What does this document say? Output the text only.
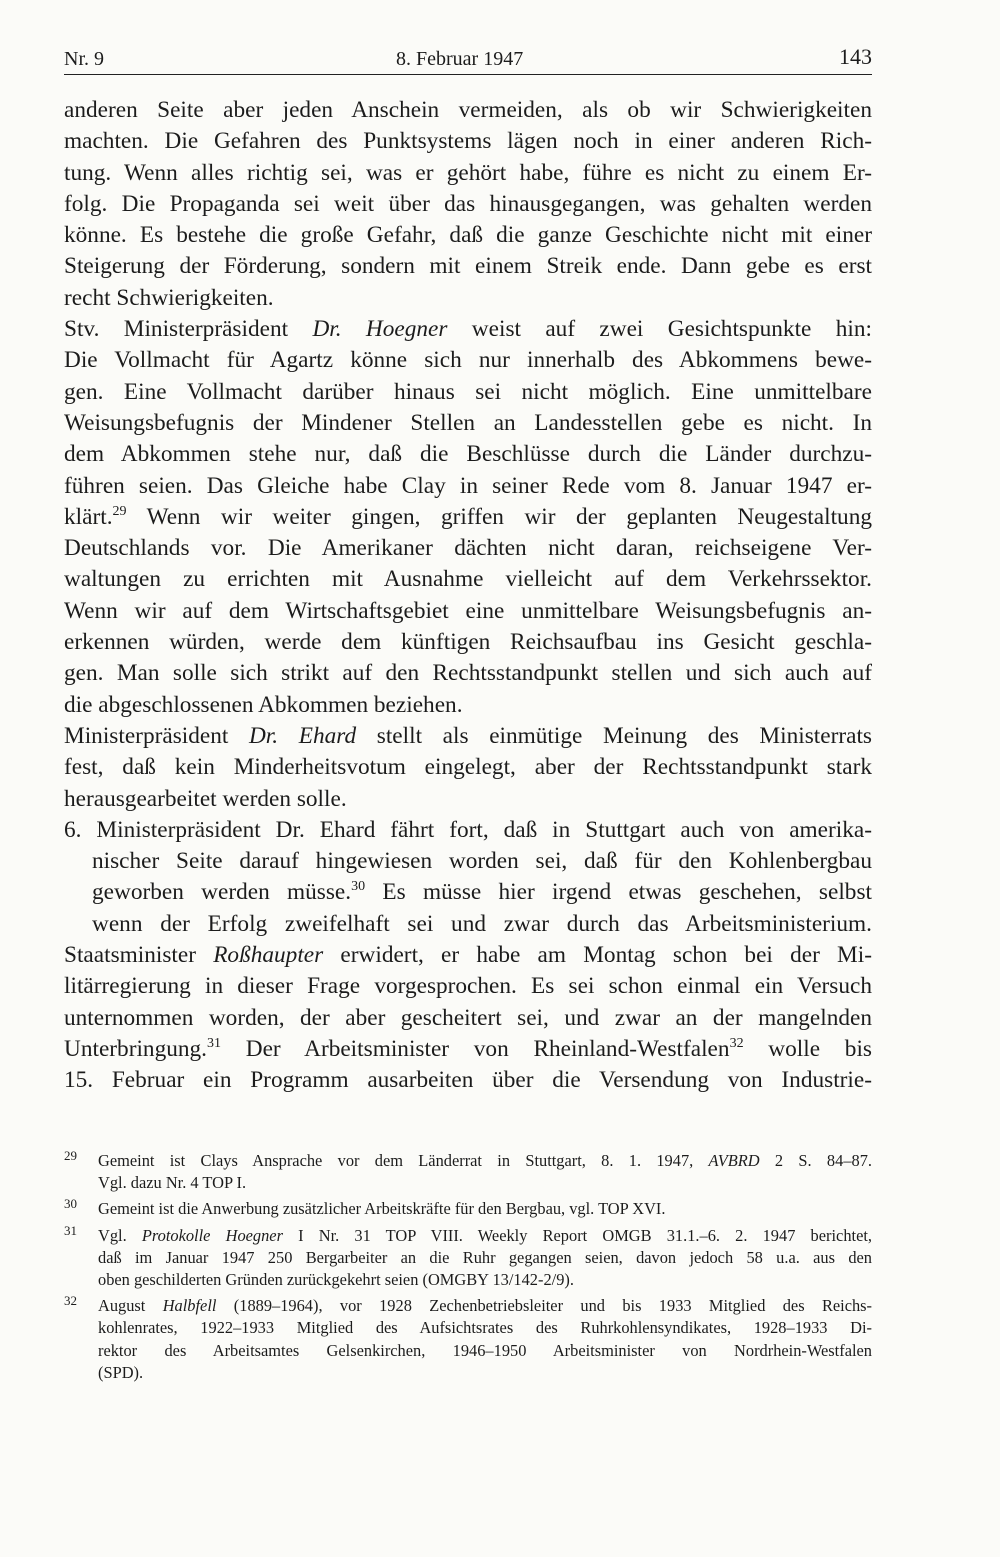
Nr. 9	8. Februar 1947	143
anderen Seite aber jeden Anschein vermeiden, als ob wir Schwierigkeiten
machten. Die Gefahren des Punktsystems lägen noch in einer anderen Rich-
tung. Wenn alles richtig sei, was er gehört habe, führe es nicht zu einem Er-
folg. Die Propaganda sei weit über das hinausgegangen, was gehalten werden
könne. Es bestehe die große Gefahr, daß die ganze Geschichte nicht mit einer
Steigerung der Förderung, sondern mit einem Streik ende. Dann gebe es erst
recht Schwierigkeiten.
Stv. Ministerpräsident Dr. Hoegner weist auf zwei Gesichtspunkte hin:
Die Vollmacht für Agartz könne sich nur innerhalb des Abkommens bewe-
gen. Eine Vollmacht darüber hinaus sei nicht möglich. Eine unmittelbare
Weisungsbefugnis der Mindener Stellen an Landesstellen gebe es nicht. In
dem Abkommen stehe nur, daß die Beschlüsse durch die Länder durchzu-
führen seien. Das Gleiche habe Clay in seiner Rede vom 8. Januar 1947 er-
klärt.$^{29}$ Wenn wir weiter gingen, griffen wir der geplanten Neugestaltung
Deutschlands vor. Die Amerikaner dächten nicht daran, reichseigene Ver-
waltungen zu errichten mit Ausnahme vielleicht auf dem Verkehrssektor.
Wenn wir auf dem Wirtschaftsgebiet eine unmittelbare Weisungsbefugnis an-
erkennen würden, werde dem künftigen Reichsaufbau ins Gesicht geschla-
gen. Man solle sich strikt auf den Rechtsstandpunkt stellen und sich auch auf
die abgeschlossenen Abkommen beziehen.
Ministerpräsident Dr. Ehard stellt als einmütige Meinung des Ministerrats
fest, daß kein Minderheitsvotum eingelegt, aber der Rechtsstandpunkt stark
herausgearbeitet werden solle.
6. Ministerpräsident Dr. Ehard fährt fort, daß in Stuttgart auch von amerika-
nischer Seite darauf hingewiesen worden sei, daß für den Kohlenbergbau
geworben werden müsse.$^{30}$ Es müsse hier irgend etwas geschehen, selbst
wenn der Erfolg zweifelhaft sei und zwar durch das Arbeitsministerium.
Staatsminister Roßhaupter erwidert, er habe am Montag schon bei der Mi-
litärregierung in dieser Frage vorgesprochen. Es sei schon einmal ein Versuch
unternommen worden, der aber gescheitert sei, und zwar an der mangelnden
Unterbringung.$^{31}$ Der Arbeitsminister von Rheinland-Westfalen$^{32}$ wolle bis
15. Februar ein Programm ausarbeiten über die Versendung von Industrie-
29 Gemeint ist Clays Ansprache vor dem Länderrat in Stuttgart, 8. 1. 1947, AVBRD 2 S. 84–87.
Vgl. dazu Nr. 4 TOP I.
30 Gemeint ist die Anwerbung zusätzlicher Arbeitskräfte für den Bergbau, vgl. TOP XVI.
31 Vgl. Protokolle Hoegner I Nr. 31 TOP VIII. Weekly Report OMGB 31.1.–6. 2. 1947 berichtet,
daß im Januar 1947 250 Bergarbeiter an die Ruhr gegangen seien, davon jedoch 58 u.a. aus den
oben geschilderten Gründen zurückgekehrt seien (OMGBY 13/142-2/9).
32 August Halbfell (1889–1964), vor 1928 Zechenbetriebsleiter und bis 1933 Mitglied des Reichs-
kohlenrates, 1922–1933 Mitglied des Aufsichtsrates des Ruhrkohlensyndikates, 1928–1933 Di-
rektor des Arbeitsamtes Gelsenkirchen, 1946–1950 Arbeitsminister von Nordrhein-Westfalen
(SPD).
